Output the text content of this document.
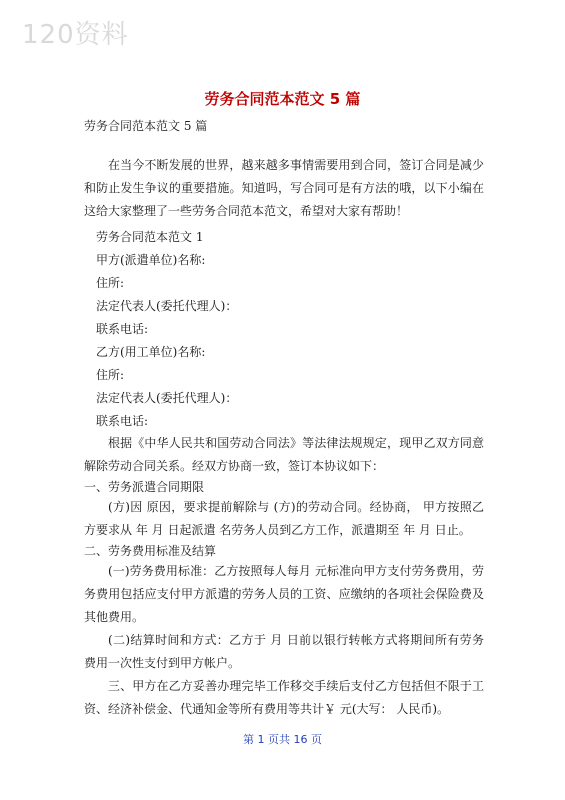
120资料
劳务合同范本范文 5 篇
劳务合同范本范文 5 篇
在当今不断发展的世界，越来越多事情需要用到合同，签订合同是减少和防止发生争议的重要措施。知道吗，写合同可是有方法的哦，以下小编在这给大家整理了一些劳务合同范本范文，希望对大家有帮助！
劳务合同范本范文 1
甲方(派遣单位)名称:
住所:
法定代表人(委托代理人)：
联系电话:
乙方(用工单位)名称:
住所:
法定代表人(委托代理人)：
联系电话:
根据《中华人民共和国劳动合同法》等法律法规规定，现甲乙双方同意解除劳动合同关系。经双方协商一致，签订本协议如下：
一、劳务派遣合同期限
(方)因 原因，要求提前解除与 (方)的劳动合同。经协商， 甲方按照乙方要求从 年 月 日起派遣 名劳务人员到乙方工作，派遣期至 年 月 日止。
二、劳务费用标准及结算
(一)劳务费用标准：乙方按照每人每月 元标准向甲方支付劳务费用，劳务费用包括应支付甲方派遣的劳务人员的工资、应缴纳的各项社会保险费及其他费用。
(二)结算时间和方式：乙方于 月 日前以银行转帐方式将期间所有劳务费用一次性支付到甲方帐户。
三、甲方在乙方妥善办理完毕工作移交手续后支付乙方包括但不限于工资、经济补偿金、代通知金等所有费用等共计￥ 元(大写： 人民币)。
第 1 页共 16 页
